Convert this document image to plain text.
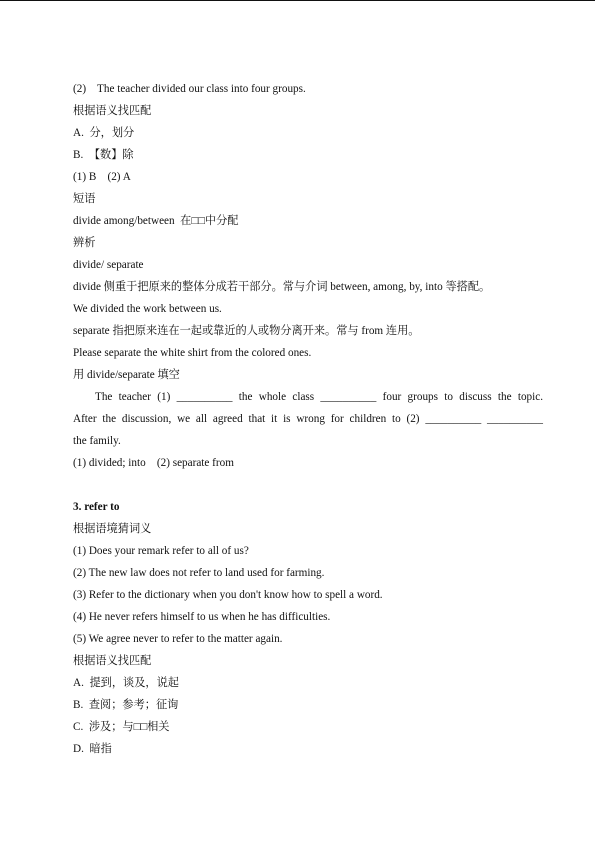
(2)    The teacher divided our class into four groups.
根据语义找匹配
A.  分，划分
B.  【数】除
(1) B    (2) A
短语
divide among/between  在□□中分配
辨析
divide/ separate
divide 侧重于把原来的整体分成若干部分。常与介词 between, among, by, into 等搭配。
We divided the work between us.
separate 指把原来连在一起或靠近的人或物分离开来。常与 from 连用。
Please separate the white shirt from the colored ones.
用 divide/separate 填空
The teacher (1) __________ the whole class __________ four groups to discuss the topic.
After the discussion, we all agreed that it is wrong for children to (2) __________ __________
the family.
(1) divided; into    (2) separate from
3. refer to
根据语境猜词义
(1) Does your remark refer to all of us?
(2) The new law does not refer to land used for farming.
(3) Refer to the dictionary when you don't know how to spell a word.
(4) He never refers himself to us when he has difficulties.
(5) We agree never to refer to the matter again.
根据语义找匹配
A.  提到，谈及，说起
B.  查阅；参考；征询
C.  涉及；与□□相关
D.  暗指
